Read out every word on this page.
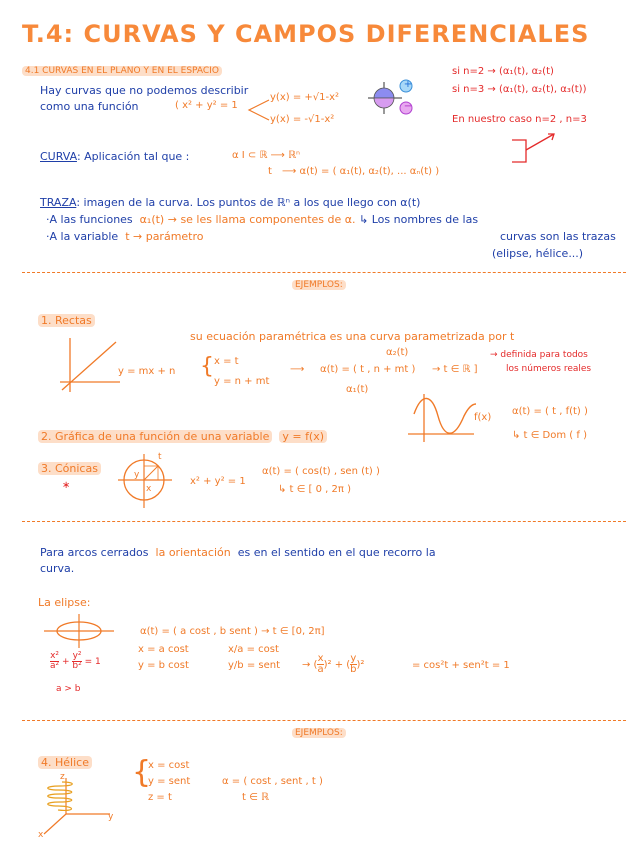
T.4: CURVAS Y CAMPOS DIFERENCIALES
4.1 CURVAS EN EL PLANO Y EN EL ESPACIO	si n=2 → (α₁(t), α₂(t)
si n=3 → (α₁(t), α₂(t), α₃(t))
En nuestro caso n=2 , n=3
Hay curvas que no podemos describir
como una función	( x² + y² = 1
y(x) = +√1-x²
y(x) = -√1-x²
+
−
CURVA: Aplicación tal que :	α I ⊂ ℝ ⟶ ℝⁿ
t ⟶ α(t) = ( α₁(t), α₂(t), ... αₙ(t) )
TRAZA: imagen de la curva. Los puntos de ℝⁿ a los que llego con α(t)
·A las funciones α₁(t) → se les llama componentes de α. ↳ Los nombres de las
·A la variable t → parámetro	curvas son las trazas
(elipse, hélice...)
EJEMPLOS:
1. Rectas
su ecuación paramétrica es una curva parametrizada por t
y = mx + n { x = t
y = n + mt
⟶
α₂(t)
α(t) = ( t , n + mt )
α₁(t)
→ t ∈ ℝ ]
→ definida para todos
los números reales
f(x)
2. Gráfica de una función de una variable y = f(x)
α(t) = ( t , f(t) )
↳ t ∈ Dom ( f )
3. Cónicas
∗
t
y
x
x² + y² = 1
α(t) = ( cos(t) , sen (t) )
↳ t ∈ [ 0 , 2π )
Para arcos cerrados la orientación es en el sentido en el que recorro la
curva.
La elipse:
α(t) = ( a cost , b sent ) → t ∈ [0, 2π]
x = a cost
y = b cost
x/a = cost
y/b = sent
$\frac{\text{x²}}{\text{a²}} + \frac{\text{y²}}{\text{b²}} = 1$
a > b
→ ( $\frac{x}{a} )^2$ + ( $\frac{y}{b} )^2$	= cos²t + sen²t = 1
EJEMPLOS:
4. Hélice {
x = cost
y = sent
z = t
α = ( cost , sent , t )
t ∈ ℝ
z
y
x
